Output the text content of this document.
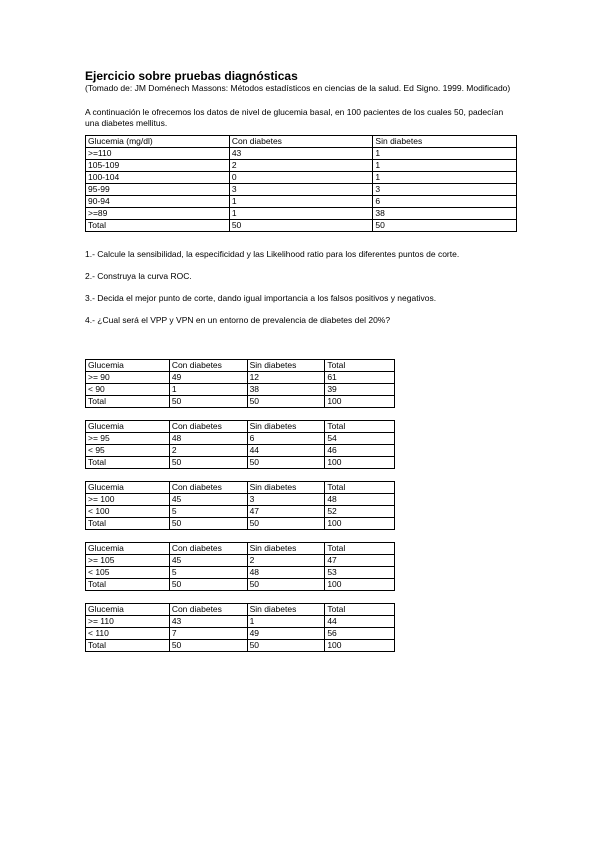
Ejercicio sobre pruebas diagnósticas

(Tomado de: JM Doménech Massons: Métodos estadísticos en ciencias de la salud. Ed Signo. 1999. Modificado)

A continuación le ofrecemos los datos de nivel de glucemia basal, en 100 pacientes de los cuales 50, padecían una diabetes mellitus.

Glucemia (mg/dl)	Con diabetes	Sin diabetes
>=110	43	1
105-109	2	1
100-104	0	1
95-99	3	3
90-94	1	6
>=89	1	38
Total	50	50

1.- Calcule la sensibilidad, la especificidad y las Likelihood ratio para los diferentes puntos de corte.

2.- Construya la curva ROC.

3.- Decida el mejor punto de corte, dando igual importancia a los falsos positivos y negativos.

4.- ¿Cual será el VPP y VPN en un entorno de prevalencia de diabetes del 20%?

Glucemia	Con diabetes	Sin diabetes	Total
>= 90	49	12	61
< 90	1	38	39
Total	50	50	100
Glucemia	Con diabetes	Sin diabetes	Total
>= 95	48	6	54
< 95	2	44	46
Total	50	50	100
Glucemia	Con diabetes	Sin diabetes	Total
>= 100	45	3	48
< 100	5	47	52
Total	50	50	100
Glucemia	Con diabetes	Sin diabetes	Total
>= 105	45	2	47
< 105	5	48	53
Total	50	50	100
Glucemia	Con diabetes	Sin diabetes	Total
>= 110	43	1	44
< 110	7	49	56
Total	50	50	100
